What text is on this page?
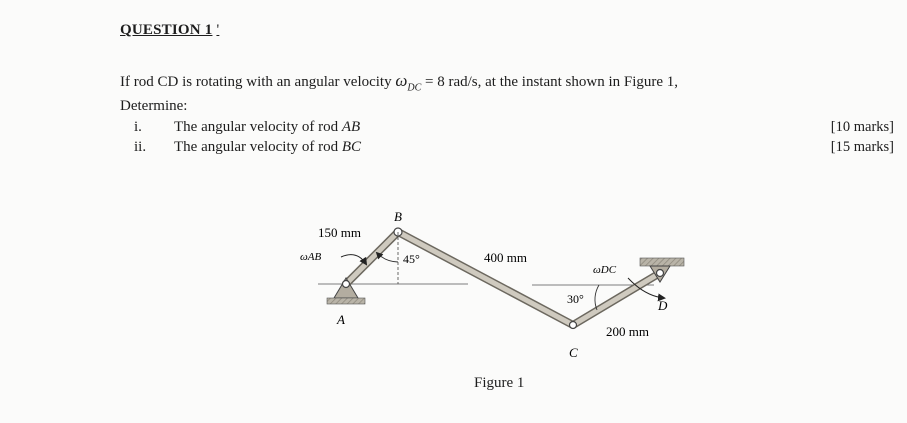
QUESTION 1 '
If rod CD is rotating with an angular velocity $\omega_{DC} = 8$ rad/s, at the instant shown in Figure 1,
Determine:
i. The angular velocity of rod AB	[10 marks]
ii. The angular velocity of rod BC	[15 marks]
B
A
C
D
150 mm
400 mm
200 mm
ωAB
ωDC
45°
30°
Figure 1
